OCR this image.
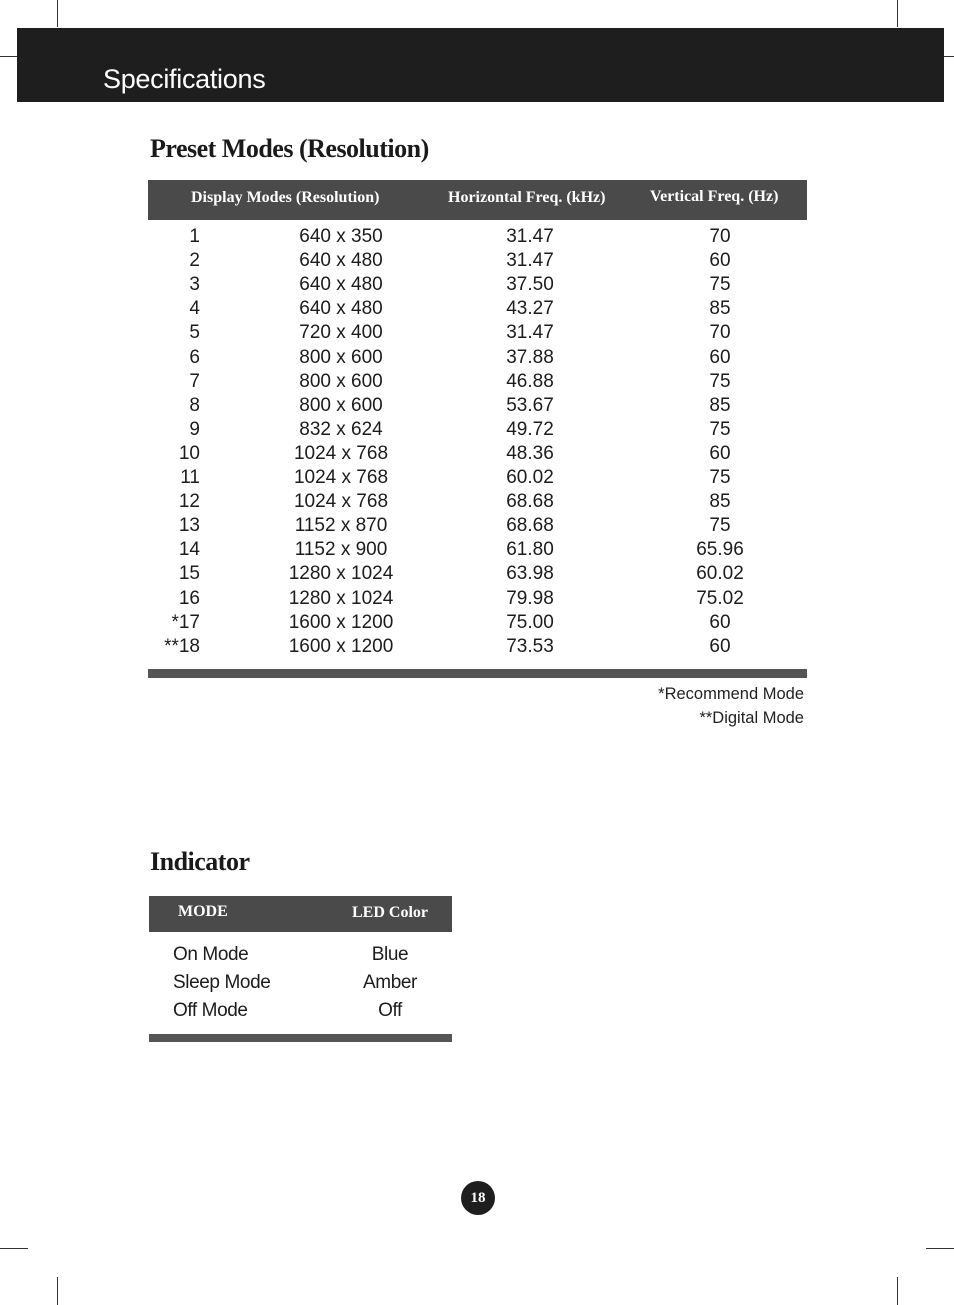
Specifications
Preset Modes (Resolution)
Display Modes (Resolution)	Horizontal Freq. (kHz)	Vertical Freq. (Hz)
1	640 x 350	31.47	70
2	640 x 480	31.47	60
3	640 x 480	37.50	75
4	640 x 480	43.27	85
5	720 x 400	31.47	70
6	800 x 600	37.88	60
7	800 x 600	46.88	75
8	800 x 600	53.67	85
9	832 x 624	49.72	75
10	1024 x 768	48.36	60
11	1024 x 768	60.02	75
12	1024 x 768	68.68	85
13	1152 x 870	68.68	75
14	1152 x 900	61.80	65.96
15	1280 x 1024	63.98	60.02
16	1280 x 1024	79.98	75.02
*17	1600 x 1200	75.00	60
**18	1600 x 1200	73.53	60
*Recommend Mode
**Digital Mode
Indicator
MODE	LED Color
On Mode	Blue
Sleep Mode	Amber
Off Mode	Off
18
